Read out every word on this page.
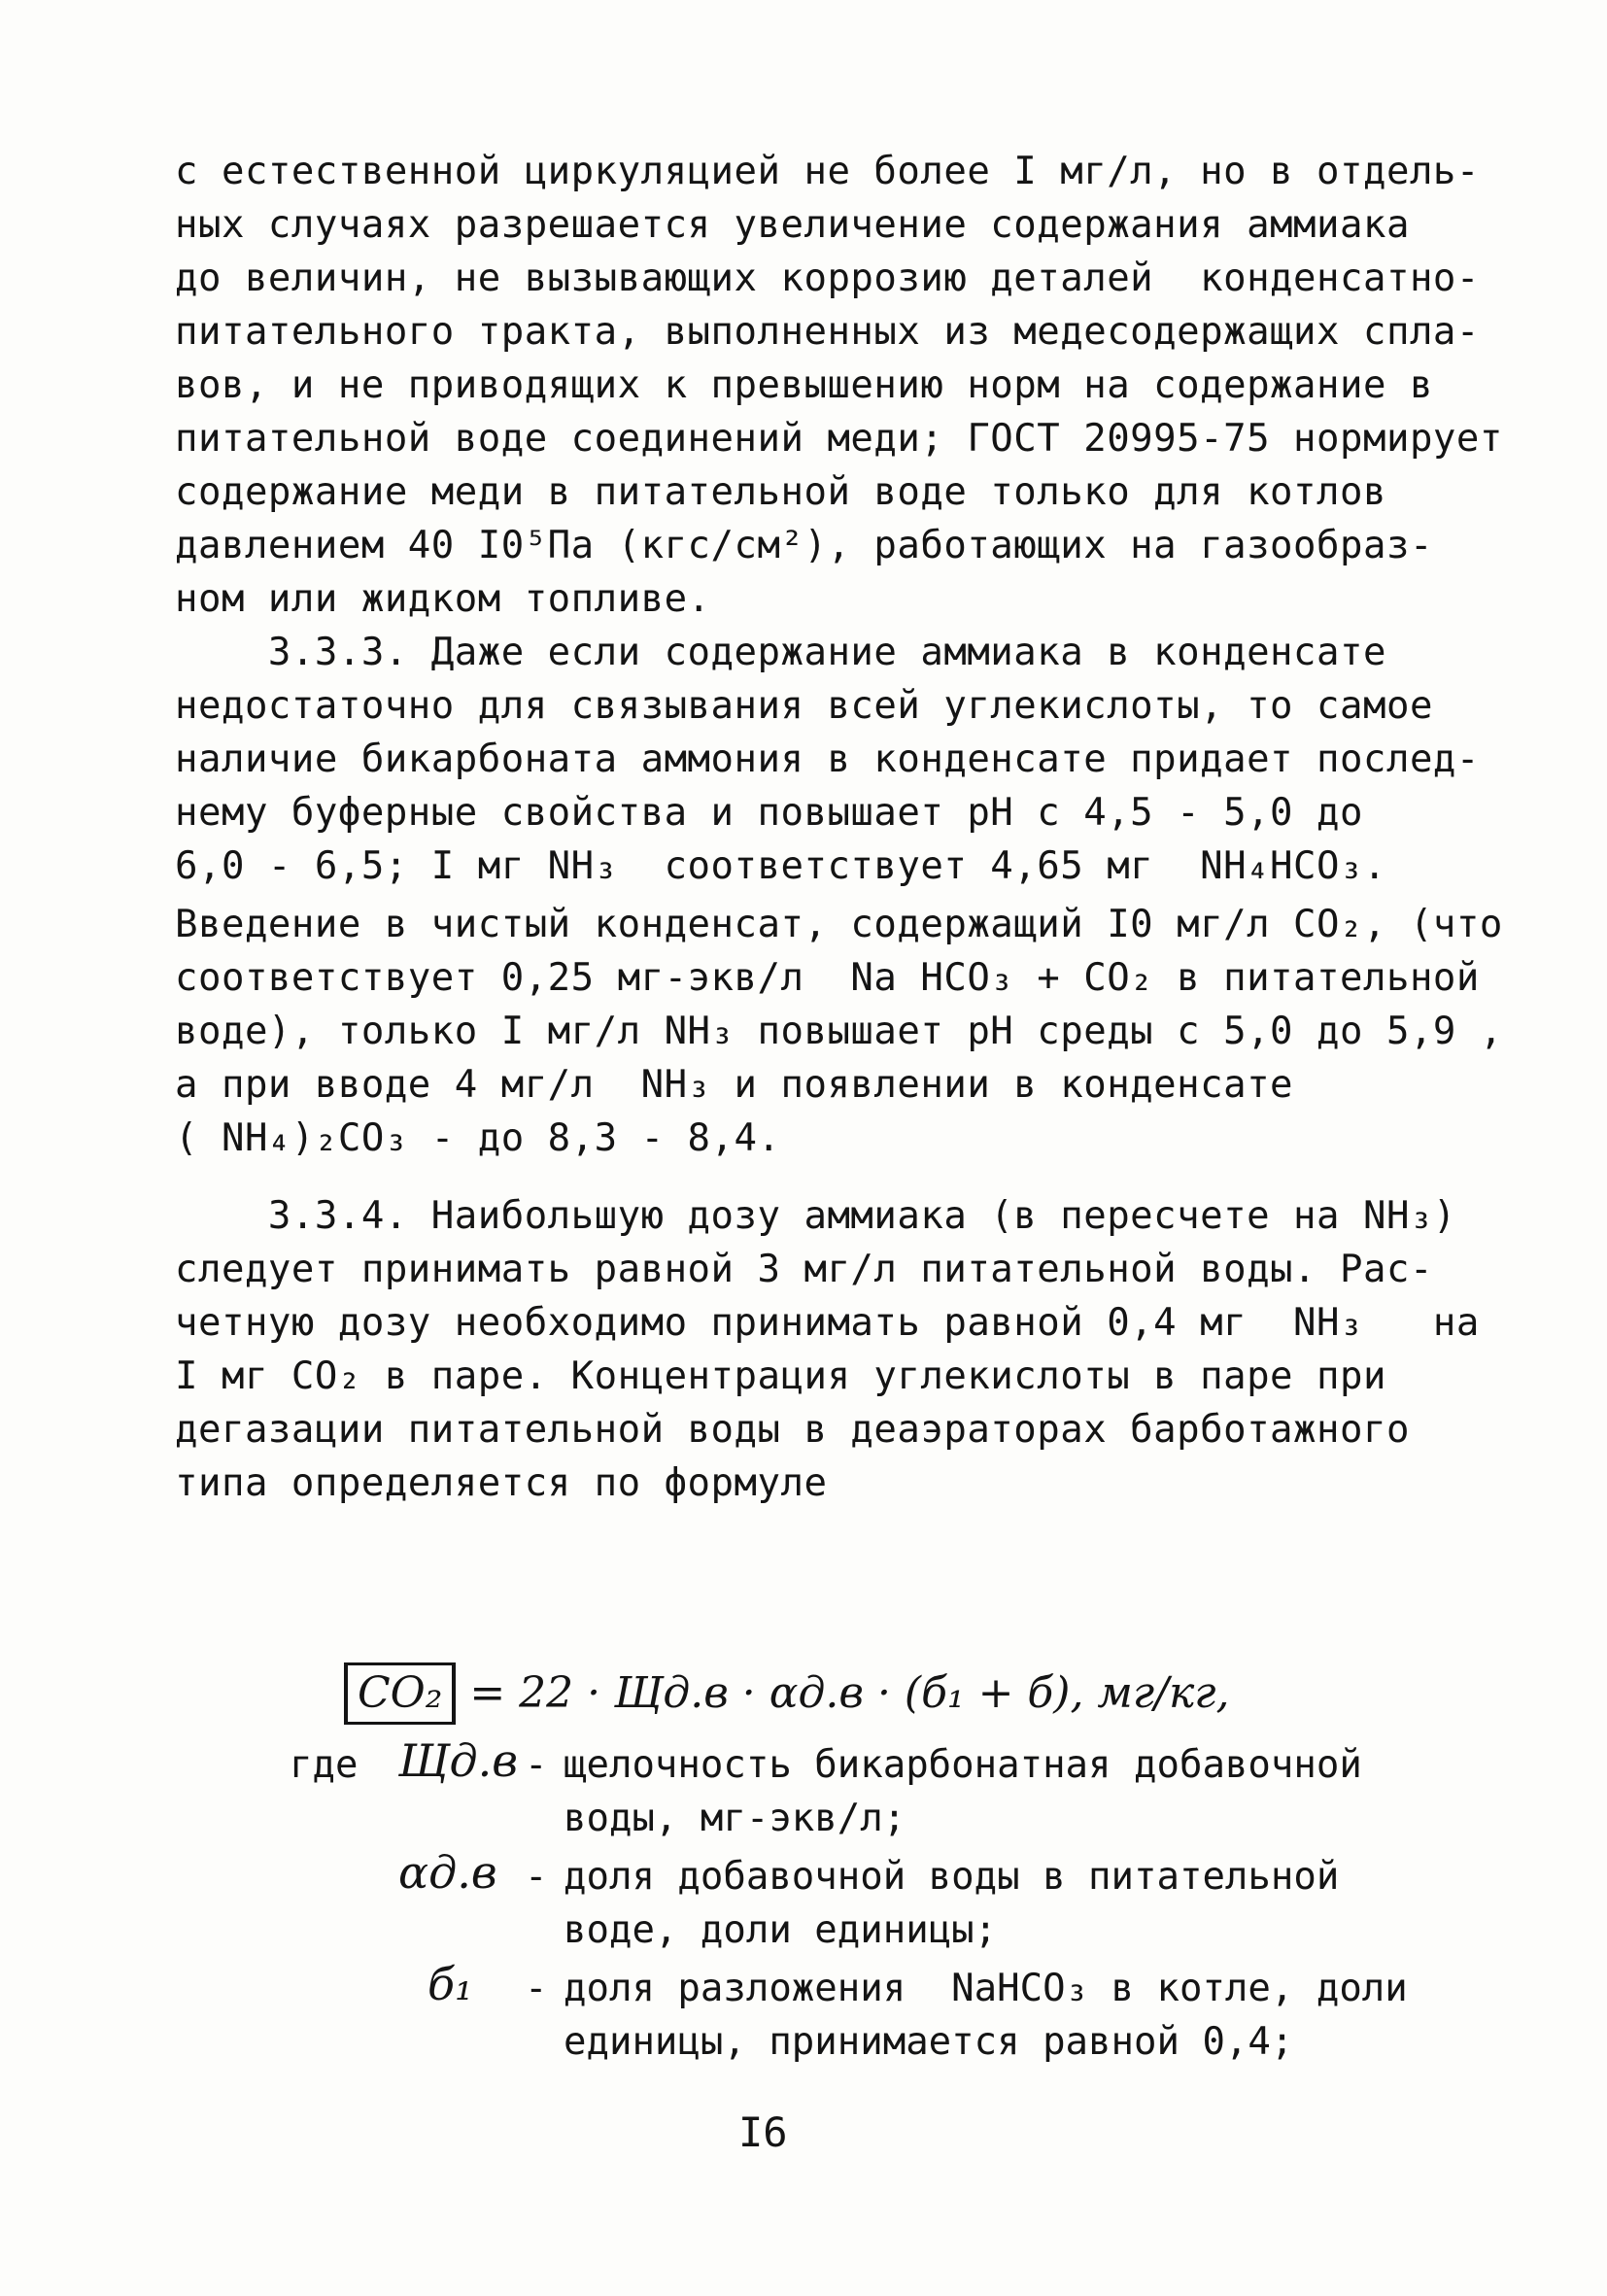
с естественной циркуляцией не более I мг/л, но в отдель-
ных случаях разрешается увеличение содержания аммиака
до величин, не вызывающих коррозию деталей  конденсатно-
питательного тракта, выполненных из медесодержащих спла-
вов, и не приводящих к превышению норм на содержание в
питательной воде соединений меди; ГОСТ 20995-75 нормирует
содержание меди в питательной воде только для котлов
давлением 40 I0⁵Па (кгс/см²), работающих на газообраз-
ном или жидком топливе.
3.3.3. Даже если содержание аммиака в конденсате
недостаточно для связывания всей углекислоты, то самое
наличие бикарбоната аммония в конденсате придает послед-
нему буферные свойства и повышает pH с 4,5 - 5,0 до
6,0 - 6,5; I мг NH₃  соответствует 4,65 мг  NH₄HCO₃.
Введение в чистый конденсат, содержащий I0 мг/л CO₂, (что
соответствует 0,25 мг-экв/л  Na HCO₃ + CO₂ в питательной
воде), только I мг/л NH₃ повышает pH среды с 5,0 до 5,9 ,
а при вводе 4 мг/л  NH₃ и появлении в конденсате
( NH₄)₂CO₃ - до 8,3 - 8,4.
3.3.4. Наибольшую дозу аммиака (в пересчете на NH₃)
следует принимать равной 3 мг/л питательной воды. Рас-
четную дозу необходимо принимать равной 0,4 мг  NH₃   на
I мг CO₂ в паре. Концентрация углекислоты в паре при
дегазации питательной воды в деаэраторах барботажного
типа определяется по формуле

CO₂ = 22 · Щд.в · αд.в · (б₁ + б), мг/кг,

где Щд.в - щелочность бикарбонатная добавочной
воды, мг-экв/л;
αд.в - доля добавочной воды в питательной
воде, доли единицы;
б₁ - доля разложения  NaHCO₃ в котле, доли
единицы, принимается равной 0,4;
I6
